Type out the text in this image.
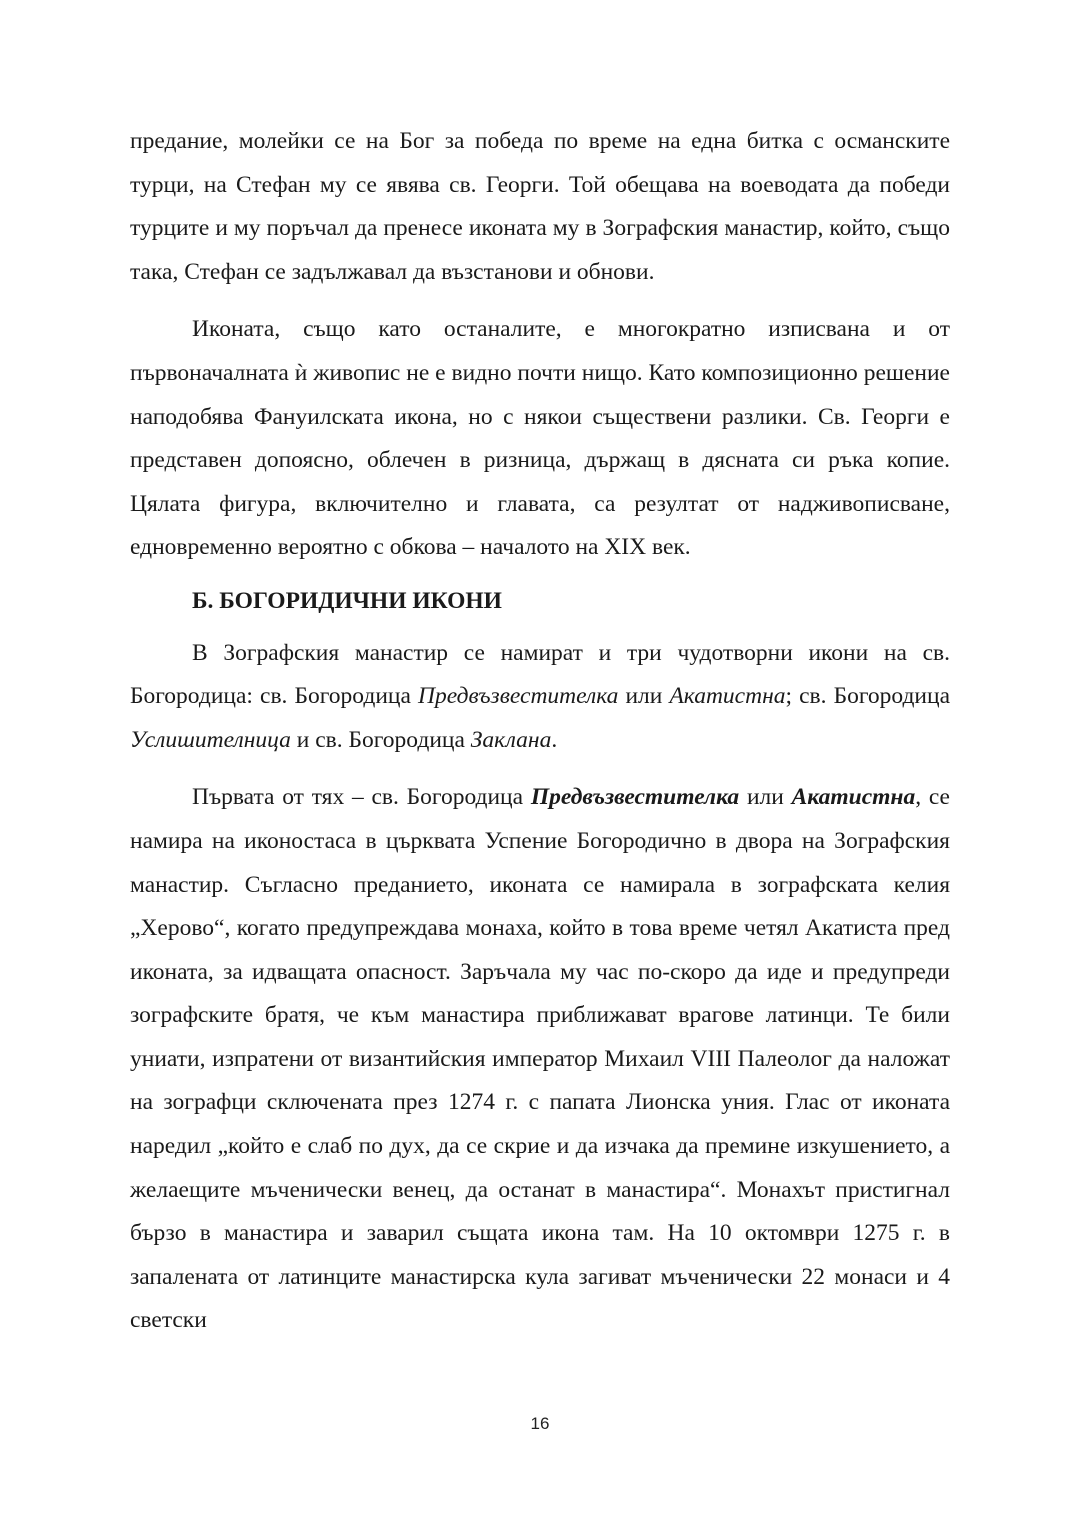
предание, молейки се на Бог за победа по време на една битка с османските турци, на Стефан му се явява св. Георги. Той обещава на воеводата да победи турците и му поръчал да пренесе иконата му в Зографския манастир, който, също така, Стефан се задължавал да възстанови и обнови.

Иконата, също като останалите, е многократно изписвана и от първоначалната ѝ живопис не е видно почти нищо. Като композиционно решение наподобява Фануилската икона, но с някои съществени разлики. Св. Георги е представен допоясно, облечен в ризница, държащ в дясната си ръка копие. Цялата фигура, включително и главата, са резултат от надживописване, едновременно вероятно с обкова – началото на XIX век.

Б. БОГОРИДИЧНИ ИКОНИ

В Зографския манастир се намират и три чудотворни икони на св. Богородица: св. Богородица Предвъзвестителка или Акатистна; св. Богородица Услишителница и св. Богородица Заклана.

Първата от тях – св. Богородица Предвъзвестителка или Акатистна, се намира на иконостаса в църквата Успение Богородично в двора на Зографския манастир. Съгласно преданието, иконата се намирала в зографската келия „Херово“, когато предупреждава монаха, който в това време четял Акатиста пред иконата, за идващата опасност. Заръчала му час по-скоро да иде и предупреди зографските братя, че към манастира приближават врагове латинци. Те били униати, изпратени от византийския император Михаил VIII Палеолог да наложат на зографци сключената през 1274 г. с папата Лионска уния. Глас от иконата наредил „който е слаб по дух, да се скрие и да изчака да премине изкушението, а желаещите мъченически венец, да останат в манастира“. Монахът пристигнал бързо в манастира и заварил същата икона там. На 10 октомври 1275 г. в запалената от латинците манастирска кула загиват мъченически 22 монаси и 4 светски

16
